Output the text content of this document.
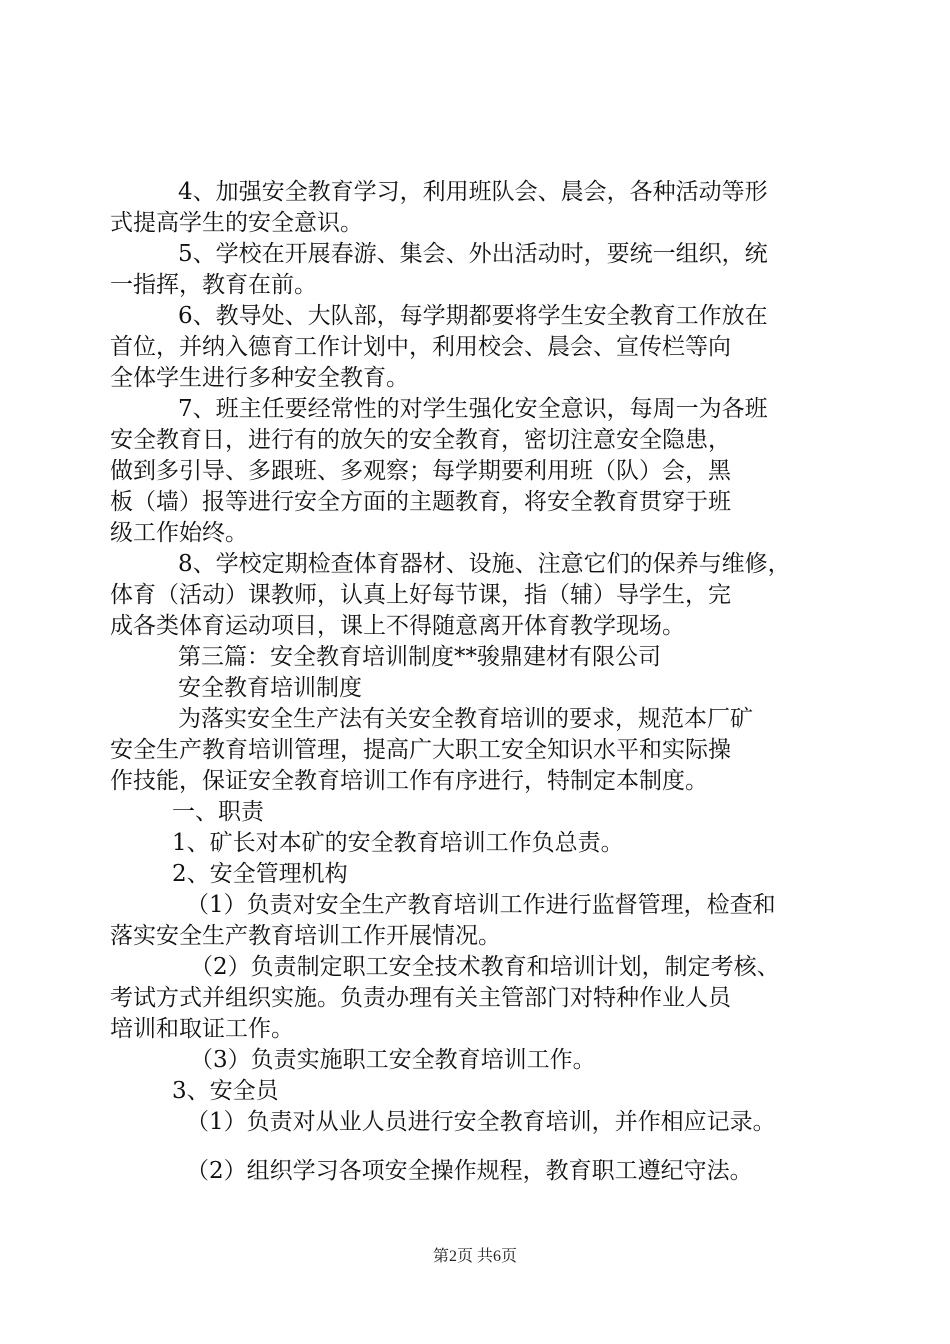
4、加强安全教育学习，利用班队会、晨会，各种活动等形
式提高学生的安全意识。
5、学校在开展春游、集会、外出活动时，要统一组织，统
一指挥，教育在前。
6、教导处、大队部，每学期都要将学生安全教育工作放在
首位，并纳入德育工作计划中，利用校会、晨会、宣传栏等向
全体学生进行多种安全教育。
7、班主任要经常性的对学生强化安全意识，每周一为各班
安全教育日，进行有的放矢的安全教育，密切注意安全隐患，
做到多引导、多跟班、多观察；每学期要利用班（队）会，黑
板（墙）报等进行安全方面的主题教育，将安全教育贯穿于班
级工作始终。
8、学校定期检查体育器材、设施、注意它们的保养与维修，
体育（活动）课教师，认真上好每节课，指（辅）导学生，完
成各类体育运动项目，课上不得随意离开体育教学现场。
第三篇：安全教育培训制度**骏鼎建材有限公司
安全教育培训制度
为落实安全生产法有关安全教育培训的要求，规范本厂矿
安全生产教育培训管理，提高广大职工安全知识水平和实际操
作技能，保证安全教育培训工作有序进行，特制定本制度。
一、职责
1、矿长对本矿的安全教育培训工作负总责。
2、安全管理机构
（1）负责对安全生产教育培训工作进行监督管理，检查和
落实安全生产教育培训工作开展情况。
（2）负责制定职工安全技术教育和培训计划，制定考核、
考试方式并组织实施。负责办理有关主管部门对特种作业人员
培训和取证工作。
（3）负责实施职工安全教育培训工作。
3、安全员
（1）负责对从业人员进行安全教育培训，并作相应记录。
（2）组织学习各项安全操作规程，教育职工遵纪守法。
第2页 共6页
